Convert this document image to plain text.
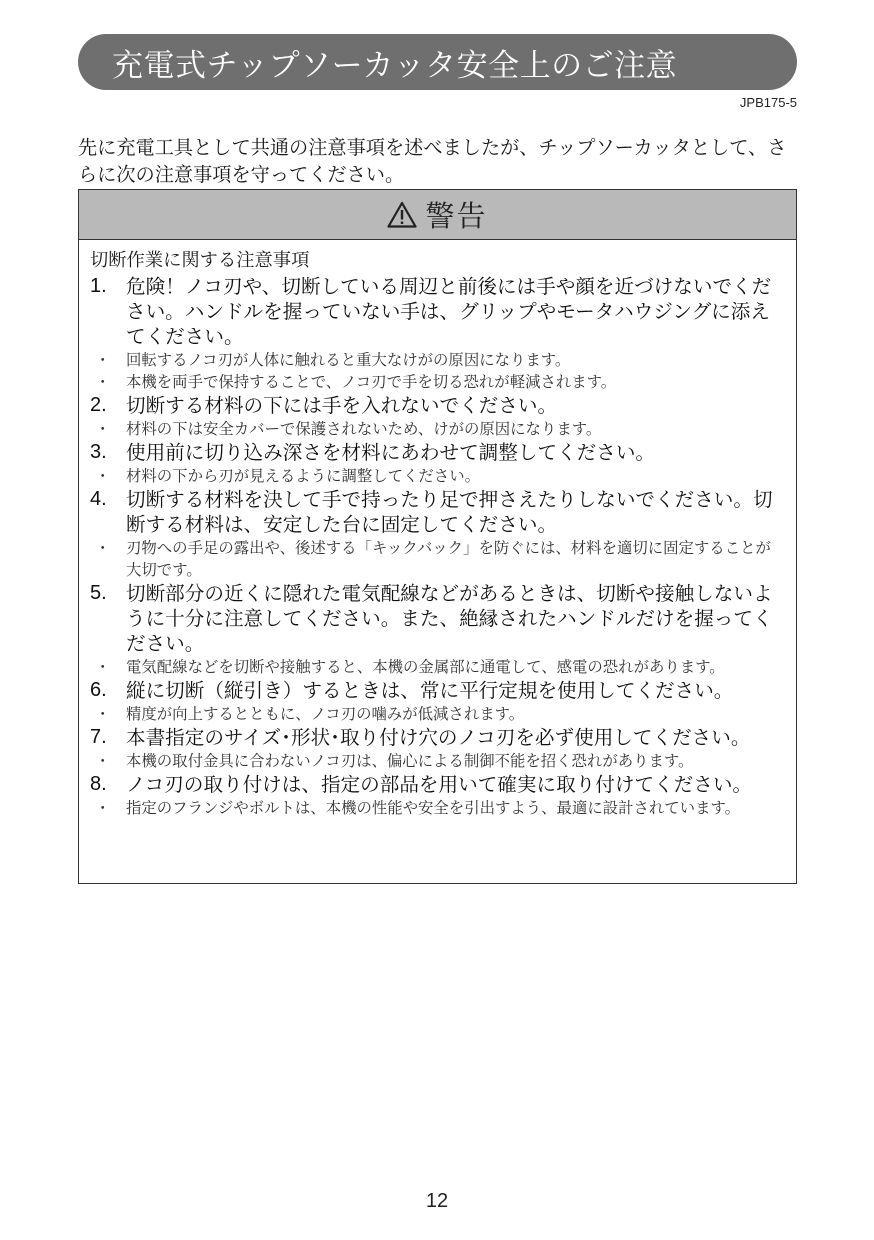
充電式チップソーカッタ安全上のご注意
JPB175-5
先に充電工具として共通の注意事項を述べましたが、チップソーカッタとして、さらに次の注意事項を守ってください。
警告
切断作業に関する注意事項
1. 危険！ノコ刃や、切断している周辺と前後には手や顔を近づけないでください。ハンドルを握っていない手は、グリップやモータハウジングに添えてください。
・	回転するノコ刃が人体に触れると重大なけがの原因になります。
・	本機を両手で保持することで、ノコ刃で手を切る恐れが軽減されます。
2. 切断する材料の下には手を入れないでください。
・	材料の下は安全カバーで保護されないため、けがの原因になります。
3. 使用前に切り込み深さを材料にあわせて調整してください。
・	材料の下から刃が見えるように調整してください。
4. 切断する材料を決して手で持ったり足で押さえたりしないでください。切断する材料は、安定した台に固定してください。
・	刃物への手足の露出や、後述する「キックバック」を防ぐには、材料を適切に固定することが大切です。
5. 切断部分の近くに隠れた電気配線などがあるときは、切断や接触しないように十分に注意してください。また、絶縁されたハンドルだけを握ってください。
・	電気配線などを切断や接触すると、本機の金属部に通電して、感電の恐れがあります。
6. 縦に切断（縦引き）するときは、常に平行定規を使用してください。
・	精度が向上するとともに、ノコ刃の噛みが低減されます。
7. 本書指定のサイズ･形状･取り付け穴のノコ刃を必ず使用してください。
・	本機の取付金具に合わないノコ刃は、偏心による制御不能を招く恐れがあります。
8. ノコ刃の取り付けは、指定の部品を用いて確実に取り付けてください。
・	指定のフランジやボルトは、本機の性能や安全を引出すよう、最適に設計されています。
12
